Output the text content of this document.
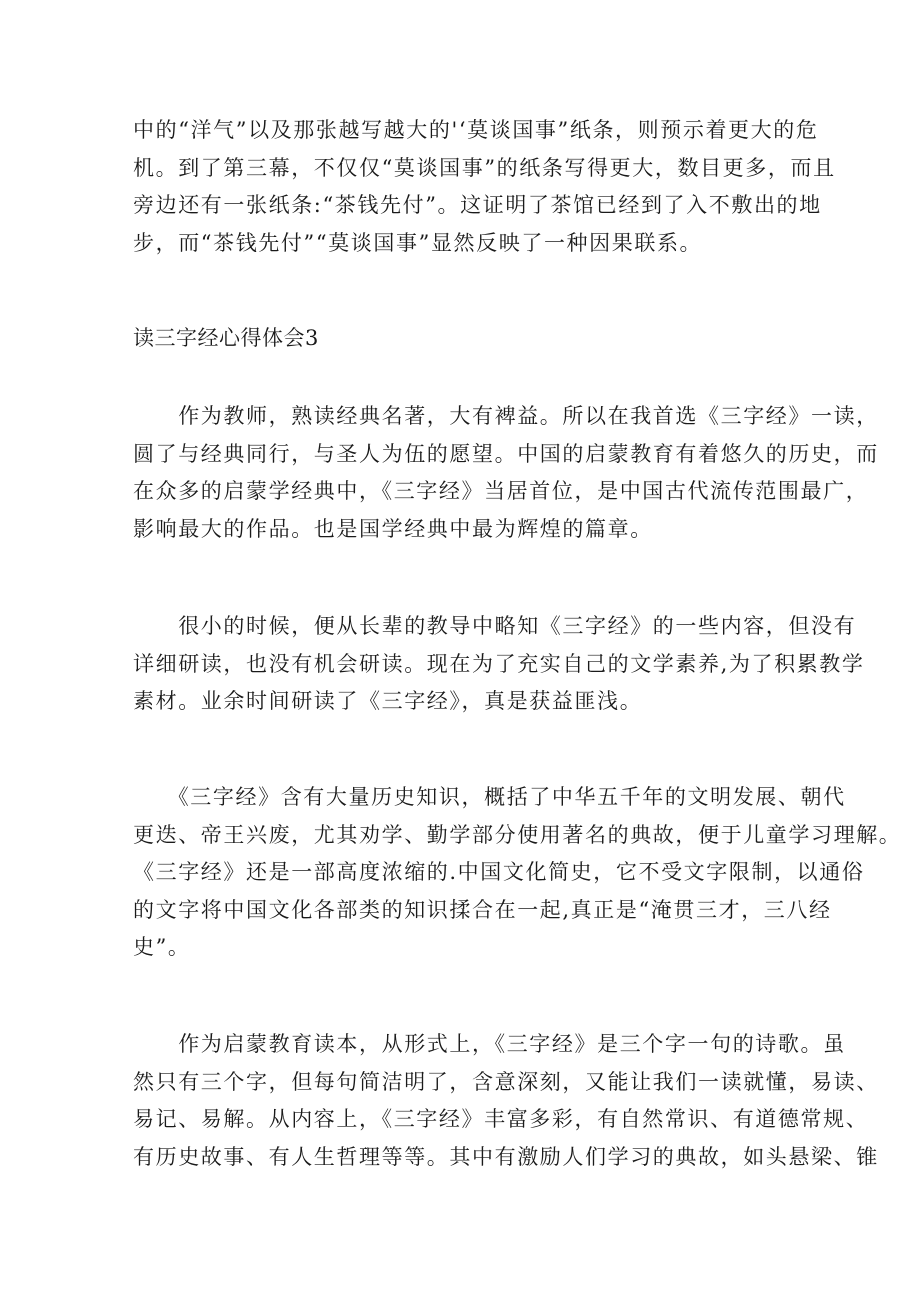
中的“洋气”以及那张越写越大的'‘莫谈国事”纸条，则预示着更大的危
机。到了第三幕，不仅仅“莫谈国事”的纸条写得更大，数目更多，而且
旁边还有一张纸条:“茶钱先付”。这证明了茶馆已经到了入不敷出的地
步，而“茶钱先付”“莫谈国事”显然反映了一种因果联系。
读三字经心得体会3
　　作为教师，熟读经典名著，大有裨益。所以在我首选《三字经》一读，
圆了与经典同行，与圣人为伍的愿望。中国的启蒙教育有着悠久的历史，而
在众多的启蒙学经典中，《三字经》当居首位，是中国古代流传范围最广，
影响最大的作品。也是国学经典中最为辉煌的篇章。
　　很小的时候，便从长辈的教导中略知《三字经》的一些内容，但没有
详细研读，也没有机会研读。现在为了充实自己的文学素养,为了积累教学
素材。业余时间研读了《三字经》，真是获益匪浅。
　　《三字经》含有大量历史知识，概括了中华五千年的文明发展、朝代
更迭、帝王兴废，尤其劝学、勤学部分使用著名的典故，便于儿童学习理解。
《三字经》还是一部高度浓缩的.中国文化简史，它不受文字限制，以通俗
的文字将中国文化各部类的知识揉合在一起,真正是“淹贯三才，三八经
史”。
　　作为启蒙教育读本，从形式上，《三字经》是三个字一句的诗歌。虽
然只有三个字，但每句简洁明了，含意深刻，又能让我们一读就懂，易读、
易记、易解。从内容上，《三字经》丰富多彩，有自然常识、有道德常规、
有历史故事、有人生哲理等等。其中有激励人们学习的典故，如头悬梁、锥
